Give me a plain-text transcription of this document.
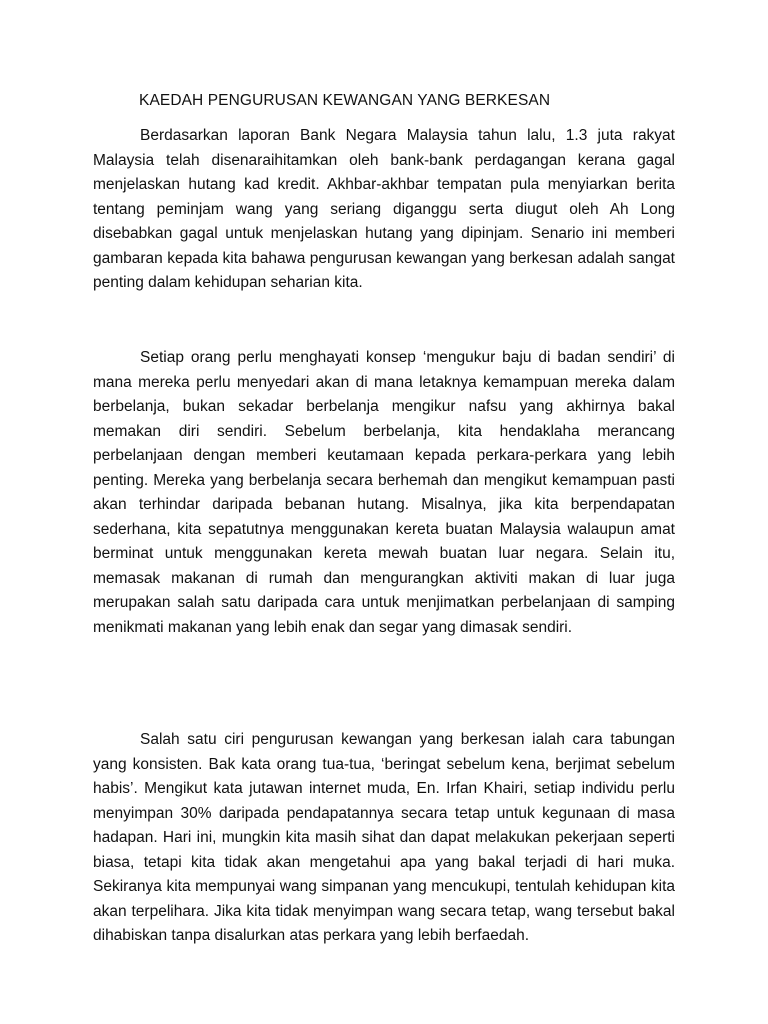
KAEDAH PENGURUSAN KEWANGAN YANG BERKESAN

Berdasarkan laporan Bank Negara Malaysia tahun lalu, 1.3 juta rakyat Malaysia telah disenaraihitamkan oleh bank-bank perdagangan kerana gagal menjelaskan hutang kad kredit. Akhbar-akhbar tempatan pula menyiarkan berita tentang peminjam wang yang seriang diganggu serta diugut oleh Ah Long disebabkan gagal untuk menjelaskan hutang yang dipinjam. Senario ini memberi gambaran kepada kita bahawa pengurusan kewangan yang berkesan adalah sangat penting dalam kehidupan seharian kita.

Setiap orang perlu menghayati konsep ‘mengukur baju di badan sendiri’ di mana mereka perlu menyedari akan di mana letaknya kemampuan mereka dalam berbelanja, bukan sekadar berbelanja mengikur nafsu yang akhirnya bakal memakan diri sendiri. Sebelum berbelanja, kita hendaklaha merancang perbelanjaan dengan memberi keutamaan kepada perkara-perkara yang lebih penting. Mereka yang berbelanja secara berhemah dan mengikut kemampuan pasti akan terhindar daripada bebanan hutang. Misalnya, jika kita berpendapatan sederhana, kita sepatutnya menggunakan kereta buatan Malaysia walaupun amat berminat untuk menggunakan kereta mewah buatan luar negara. Selain itu, memasak makanan di rumah dan mengurangkan aktiviti makan di luar juga merupakan salah satu daripada cara untuk menjimatkan perbelanjaan di samping menikmati makanan yang lebih enak dan segar yang dimasak sendiri.

Salah satu ciri pengurusan kewangan yang berkesan ialah cara tabungan yang konsisten. Bak kata orang tua-tua, ‘beringat sebelum kena, berjimat sebelum habis’. Mengikut kata jutawan internet muda, En. Irfan Khairi, setiap individu perlu menyimpan 30% daripada pendapatannya secara tetap untuk kegunaan di masa hadapan. Hari ini, mungkin kita masih sihat dan dapat melakukan pekerjaan seperti biasa, tetapi kita tidak akan mengetahui apa yang bakal terjadi di hari muka. Sekiranya kita mempunyai wang simpanan yang mencukupi, tentulah kehidupan kita akan terpelihara. Jika kita tidak menyimpan wang secara tetap, wang tersebut bakal dihabiskan tanpa disalurkan atas perkara yang lebih berfaedah.
